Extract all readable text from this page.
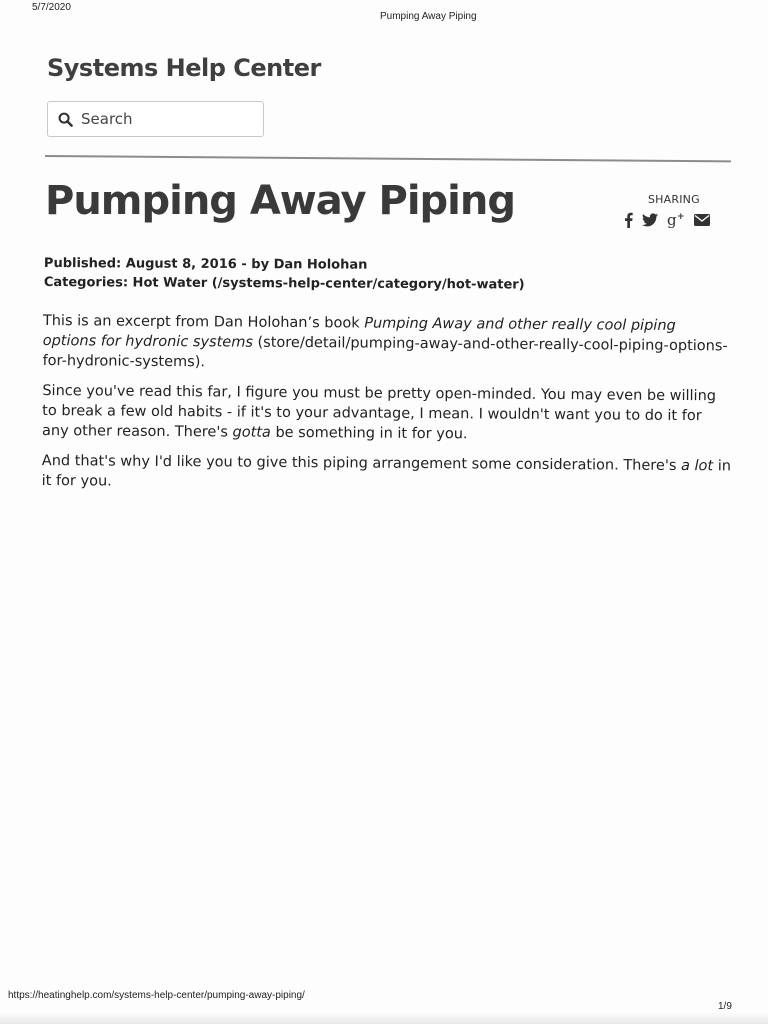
5/7/2020
Pumping Away Piping
Systems Help Center
Search
Pumping Away Piping	SHARING
g +
Published: August 8, 2016 - by Dan Holohan
Categories: Hot Water (/systems-help-center/category/hot-water)

This is an excerpt from Dan Holohan’s book Pumping Away and other really cool piping options for hydronic systems (store/detail/pumping-away-and-other-really-cool-piping-options-for-hydronic-systems).

Since you've read this far, I figure you must be pretty open-minded. You may even be willing to break a few old habits - if it's to your advantage, I mean. I wouldn't want you to do it for any other reason. There's gotta be something in it for you.

And that's why I'd like you to give this piping arrangement some consideration. There's a lot in it for you.

https://heatinghelp.com/systems-help-center/pumping-away-piping/
1/9
